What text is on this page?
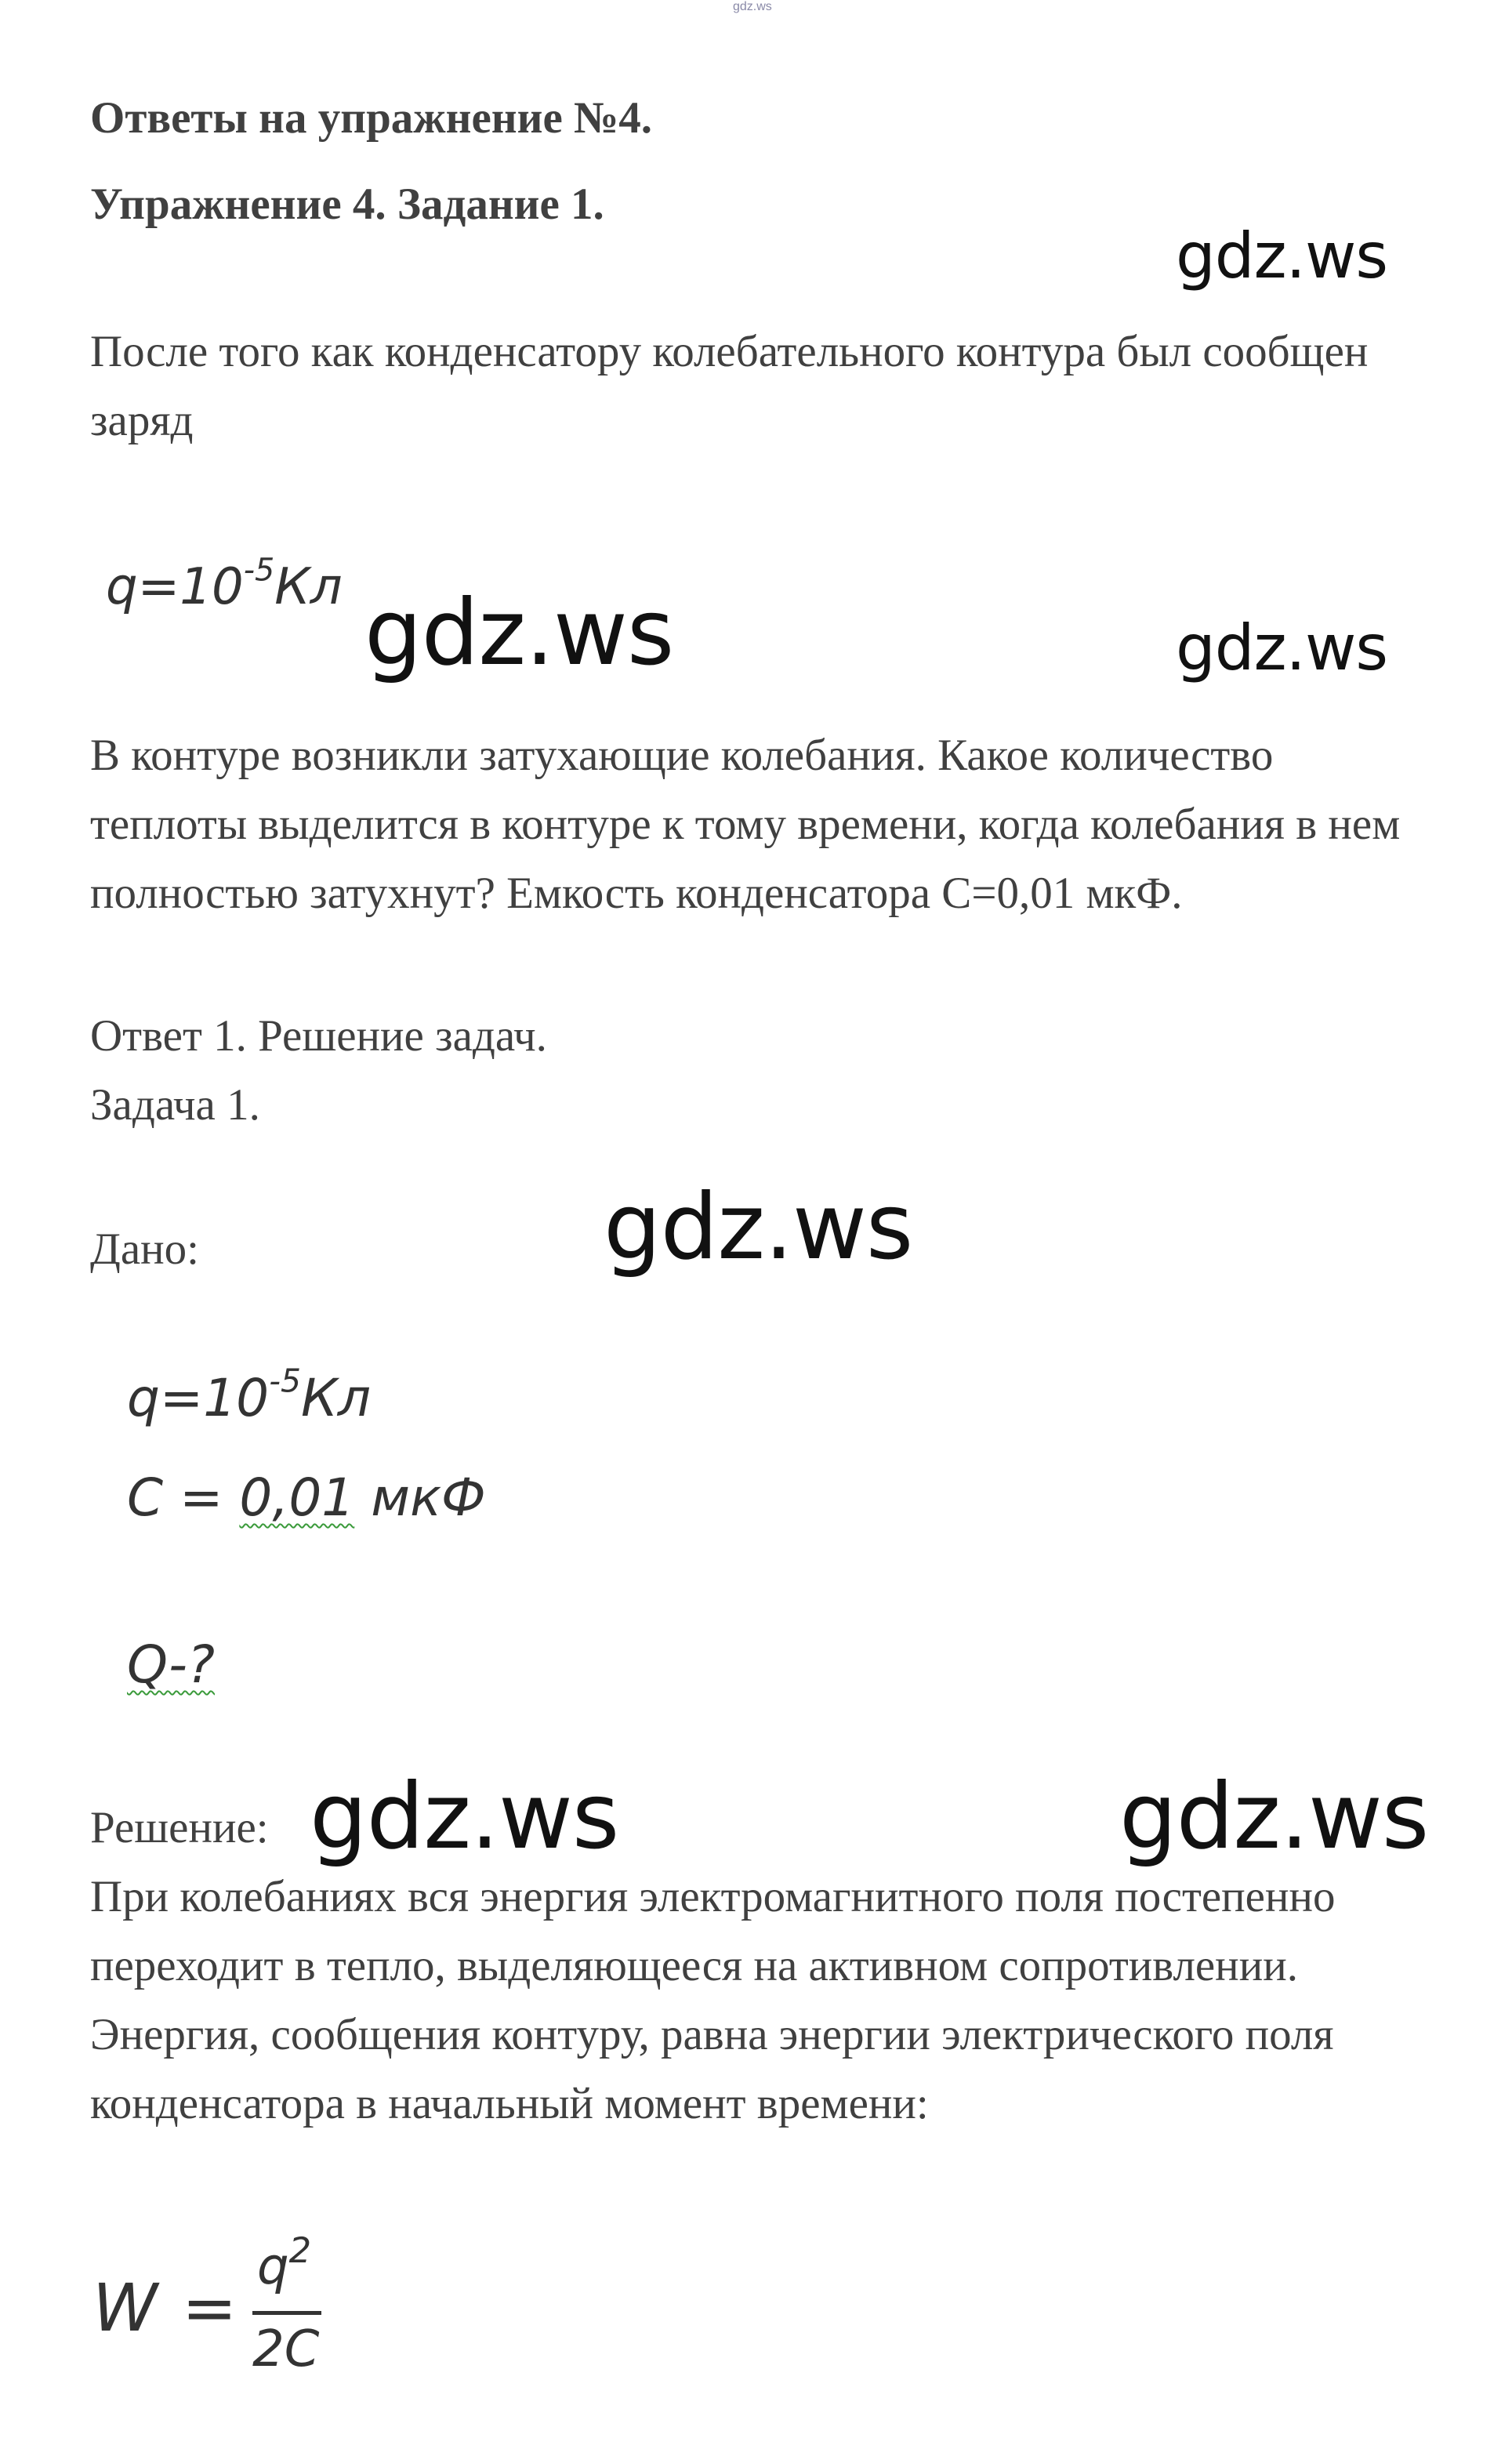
gdz.ws
Ответы на упражнение №4.
Упражнение 4. Задание 1.
gdz.ws
После того как конденсатору колебательного контура был сообщен
заряд
$q=10^{-5}Кл$ gdz.ws	gdz.ws
В контуре возникли затухающие колебания. Какое количество
теплоты выделится в контуре к тому времени, когда колебания в нем
полностью затухнут? Емкость конденсатора С=0,01 мкФ.
Ответ 1. Решение задач.
Задача 1.
Дано:	gdz.ws
$q=10^{-5}Кл$
C = 0,01 мкФ
Q-?
Решение: gdz.ws	gdz.ws
При колебаниях вся энергия электромагнитного поля постепенно
переходит в тепло, выделяющееся на активном сопротивлении.
Энергия, сообщения контуру, равна энергии электрического поля
конденсатора в начальный момент времени:
W =
$q^2$
2C
